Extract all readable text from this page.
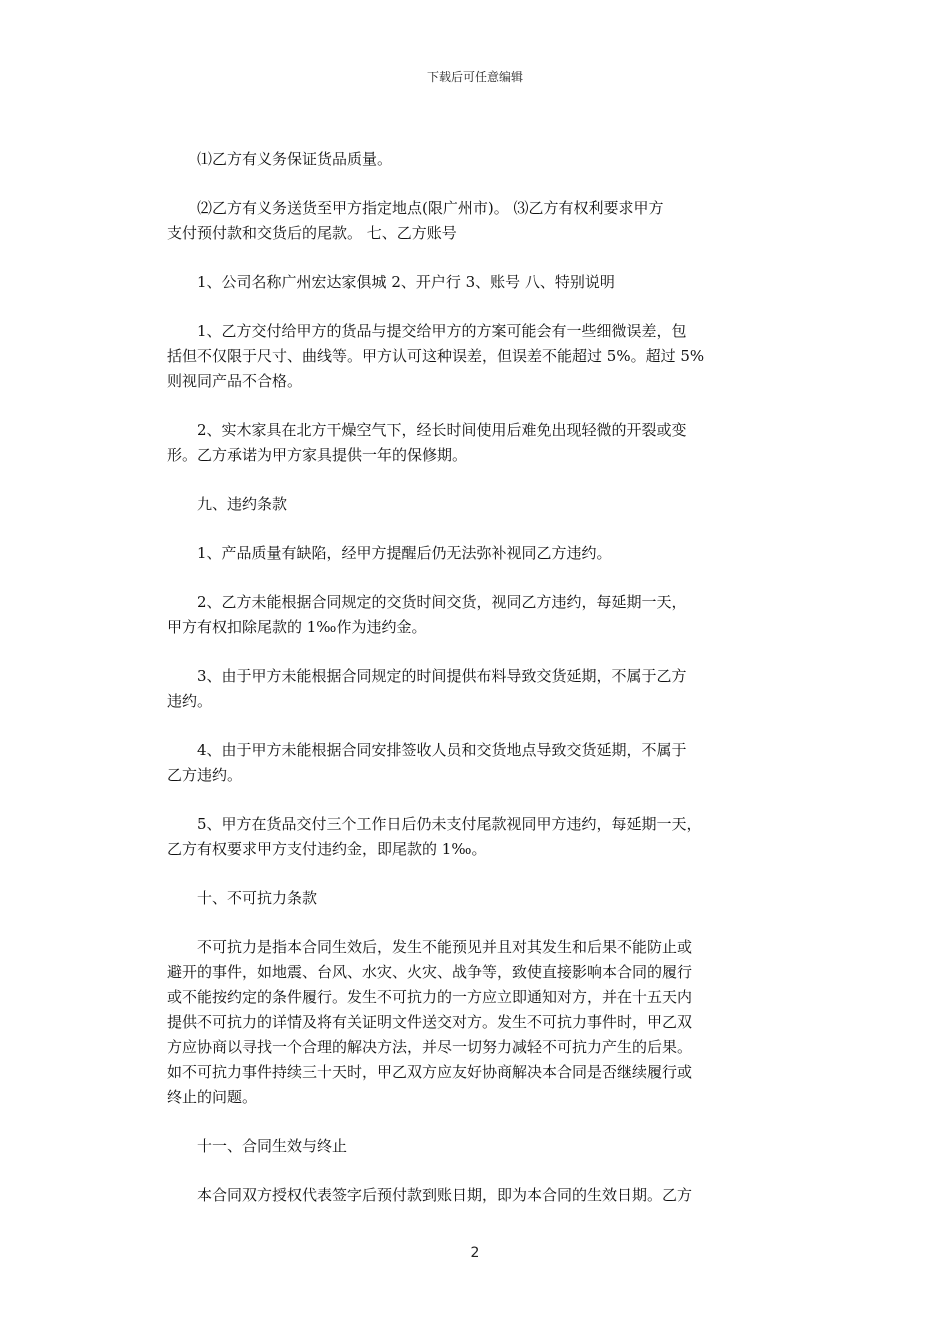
下载后可任意编辑

　　⑴乙方有义务保证货品质量。

　　⑵乙方有义务送货至甲方指定地点(限广州市)。 ⑶乙方有权利要求甲方
支付预付款和交货后的尾款。 七、乙方账号

　　1、公司名称广州宏达家俱城 2、开户行 3、账号 八、特别说明

　　1、乙方交付给甲方的货品与提交给甲方的方案可能会有一些细微误差，包
括但不仅限于尺寸、曲线等。甲方认可这种误差，但误差不能超过 5%。超过 5%
则视同产品不合格。

　　2、实木家具在北方干燥空气下，经长时间使用后难免出现轻微的开裂或变
形。乙方承诺为甲方家具提供一年的保修期。

　　九、违约条款

　　1、产品质量有缺陷，经甲方提醒后仍无法弥补视同乙方违约。

　　2、乙方未能根据合同规定的交货时间交货，视同乙方违约，每延期一天，
甲方有权扣除尾款的 1‰作为违约金。

　　3、由于甲方未能根据合同规定的时间提供布料导致交货延期，不属于乙方
违约。

　　4、由于甲方未能根据合同安排签收人员和交货地点导致交货延期，不属于
乙方违约。

　　5、甲方在货品交付三个工作日后仍未支付尾款视同甲方违约，每延期一天，
乙方有权要求甲方支付违约金，即尾款的 1‰。

　　十、不可抗力条款

　　不可抗力是指本合同生效后，发生不能预见并且对其发生和后果不能防止或
避开的事件，如地震、台风、水灾、火灾、战争等，致使直接影响本合同的履行
或不能按约定的条件履行。发生不可抗力的一方应立即通知对方，并在十五天内
提供不可抗力的详情及将有关证明文件送交对方。发生不可抗力事件时，甲乙双
方应协商以寻找一个合理的解决方法，并尽一切努力减轻不可抗力产生的后果。
如不可抗力事件持续三十天时，甲乙双方应友好协商解决本合同是否继续履行或
终止的问题。

　　十一、合同生效与终止

　　本合同双方授权代表签字后预付款到账日期，即为本合同的生效日期。乙方

2
